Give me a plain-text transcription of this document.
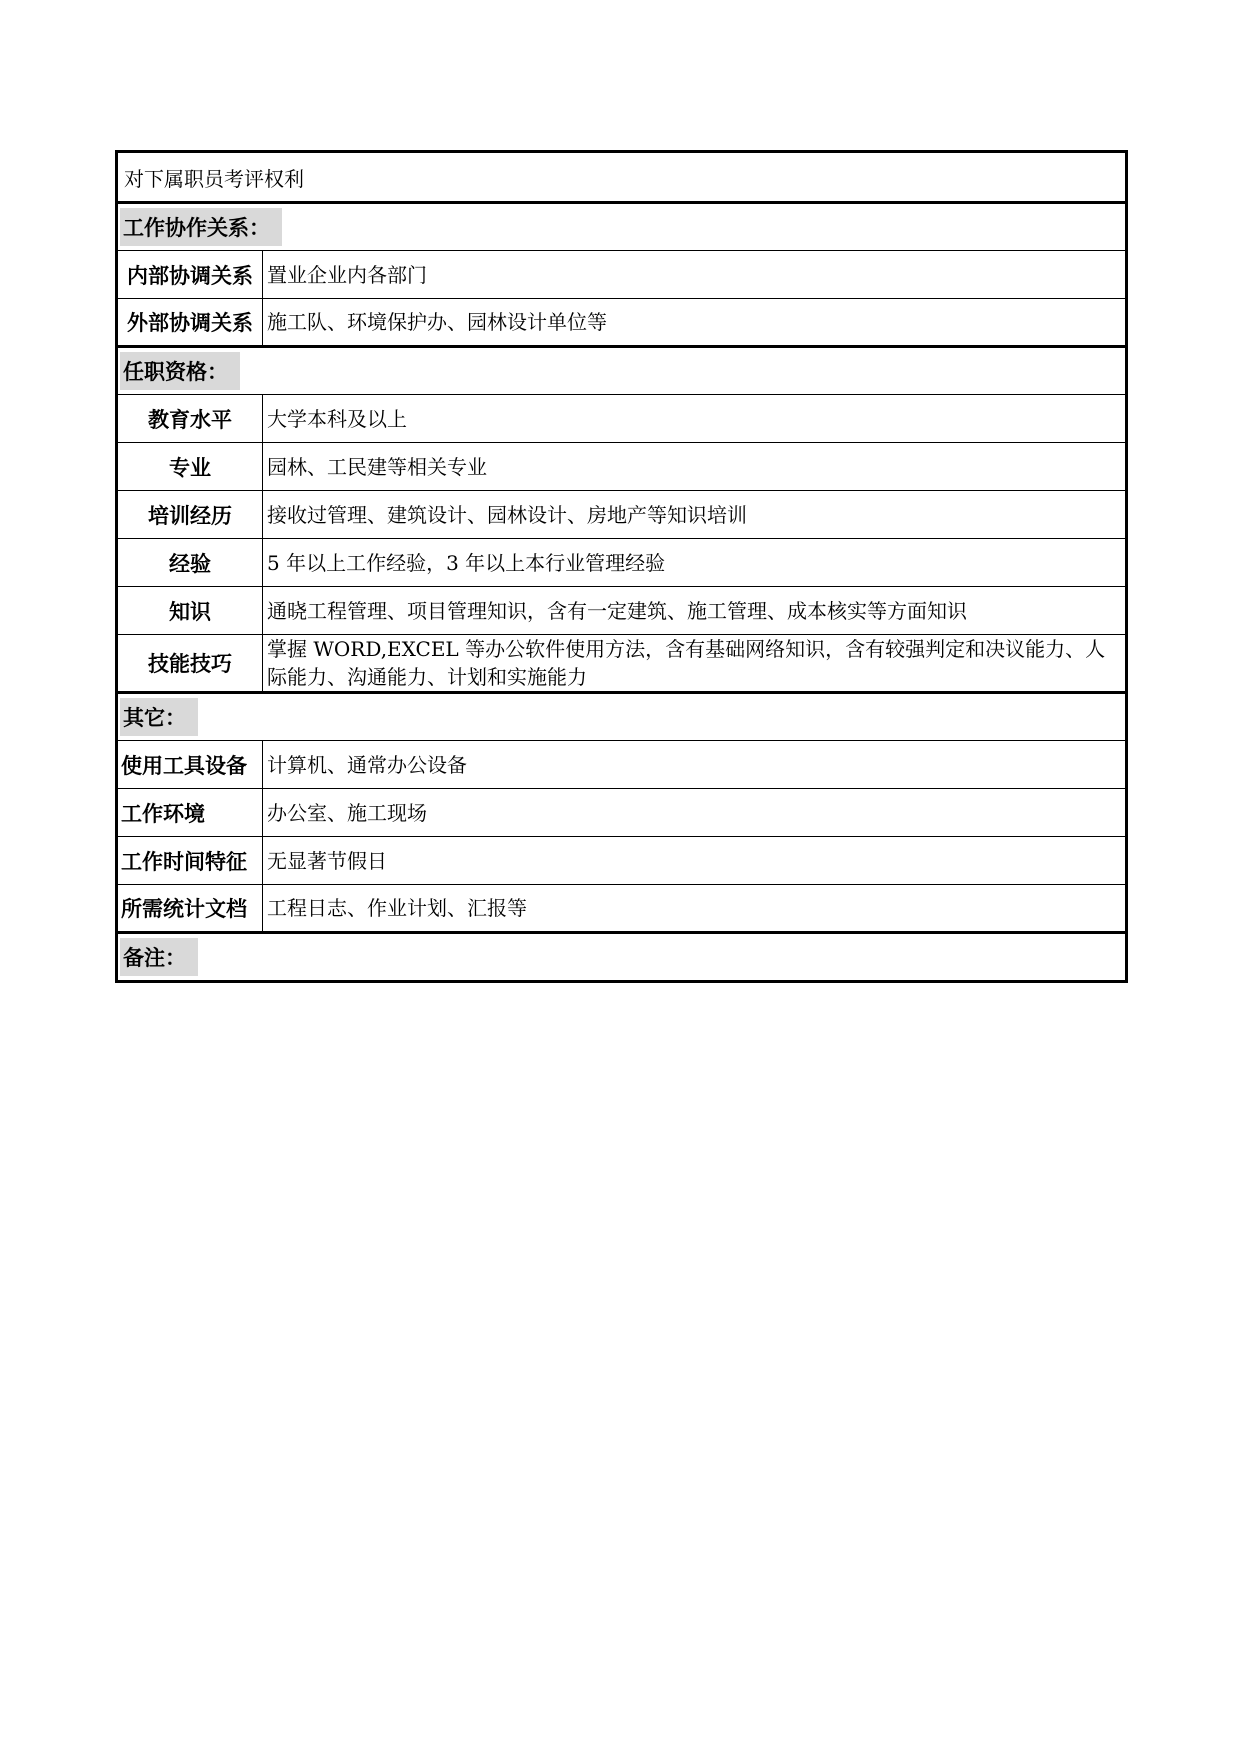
对下属职员考评权利	
工作协作关系：	
内部协调关系	置业企业内各部门
外部协调关系	施工队、环境保护办、园林设计单位等
任职资格：	
教育水平	大学本科及以上
专业	园林、工民建等相关专业
培训经历	接收过管理、建筑设计、园林设计、房地产等知识培训
经验	5 年以上工作经验，3 年以上本行业管理经验
知识	通晓工程管理、项目管理知识，含有一定建筑、施工管理、成本核实等方面知识
技能技巧	掌握 WORD,EXCEL 等办公软件使用方法，含有基础网络知识，含有较强判定和决议能力、人际能力、沟通能力、计划和实施能力
其它：	
使用工具设备	计算机、通常办公设备
工作环境	办公室、施工现场
工作时间特征	无显著节假日
所需统计文档	工程日志、作业计划、汇报等
备注：	
